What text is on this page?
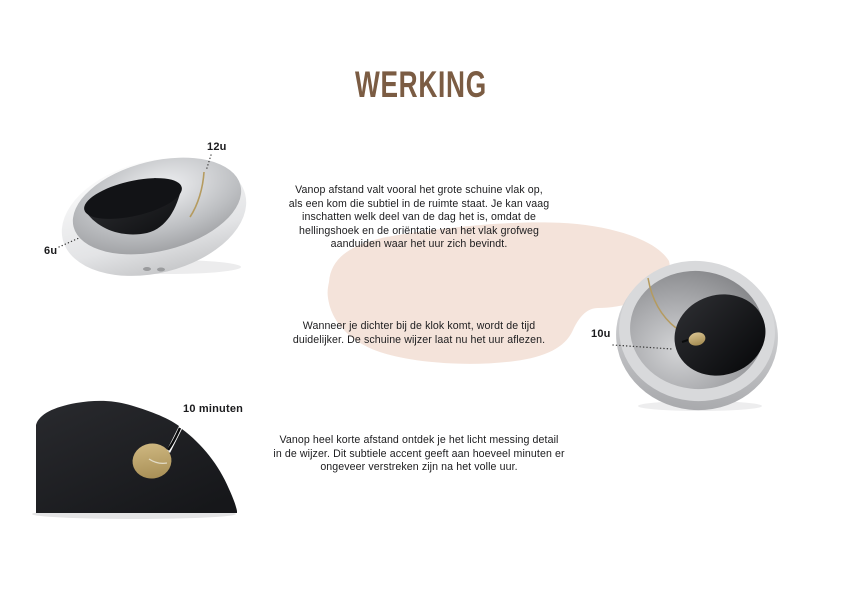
WERKING
Vanop afstand valt vooral het grote schuine vlak op,
als een kom die subtiel in de ruimte staat. Je kan vaag
inschatten welk deel van de dag het is, omdat de
hellingshoek en de oriëntatie van het vlak grofweg
aanduiden waar het uur zich bevindt.
Wanneer je dichter bij de klok komt, wordt de tijd
duidelijker. De schuine wijzer laat nu het uur aflezen.
Vanop heel korte afstand ontdek je het licht messing detail
in de wijzer. Dit subtiele accent geeft aan hoeveel minuten er
ongeveer verstreken zijn na het volle uur.
12u
6u
10u
10 minuten
